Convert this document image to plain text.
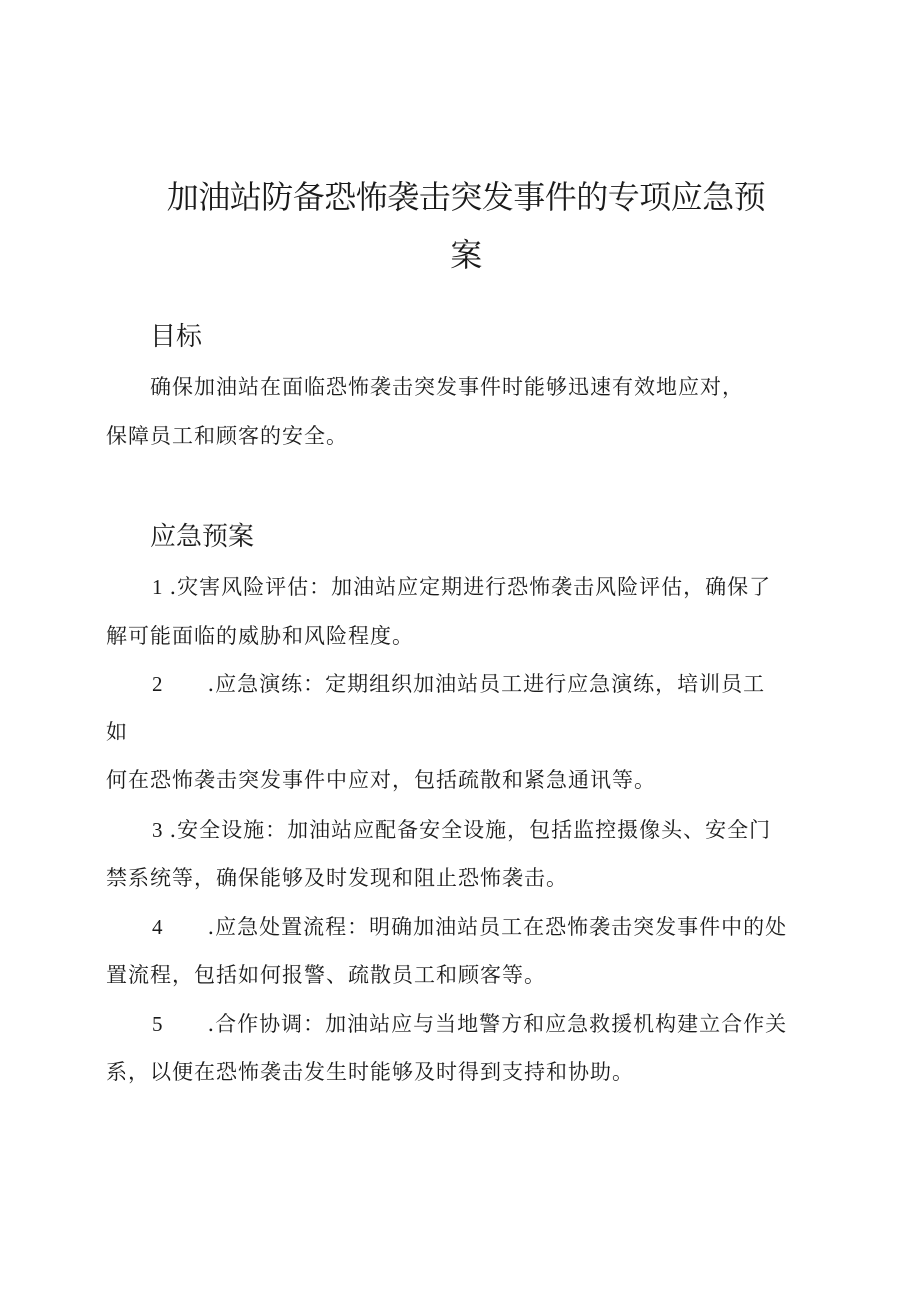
加油站防备恐怖袭击突发事件的专项应急预
案
目标
确保加油站在面临恐怖袭击突发事件时能够迅速有效地应对，
保障员工和顾客的安全。
应急预案
1 .灾害风险评估：加油站应定期进行恐怖袭击风险评估，确保了
解可能面临的威胁和风险程度。
2 .应急演练：定期组织加油站员工进行应急演练，培训员工
如
何在恐怖袭击突发事件中应对，包括疏散和紧急通讯等。
3 .安全设施：加油站应配备安全设施，包括监控摄像头、安全门
禁系统等，确保能够及时发现和阻止恐怖袭击。
4 .应急处置流程：明确加油站员工在恐怖袭击突发事件中的处
置流程，包括如何报警、疏散员工和顾客等。
5 .合作协调：加油站应与当地警方和应急救援机构建立合作关
系，以便在恐怖袭击发生时能够及时得到支持和协助。
